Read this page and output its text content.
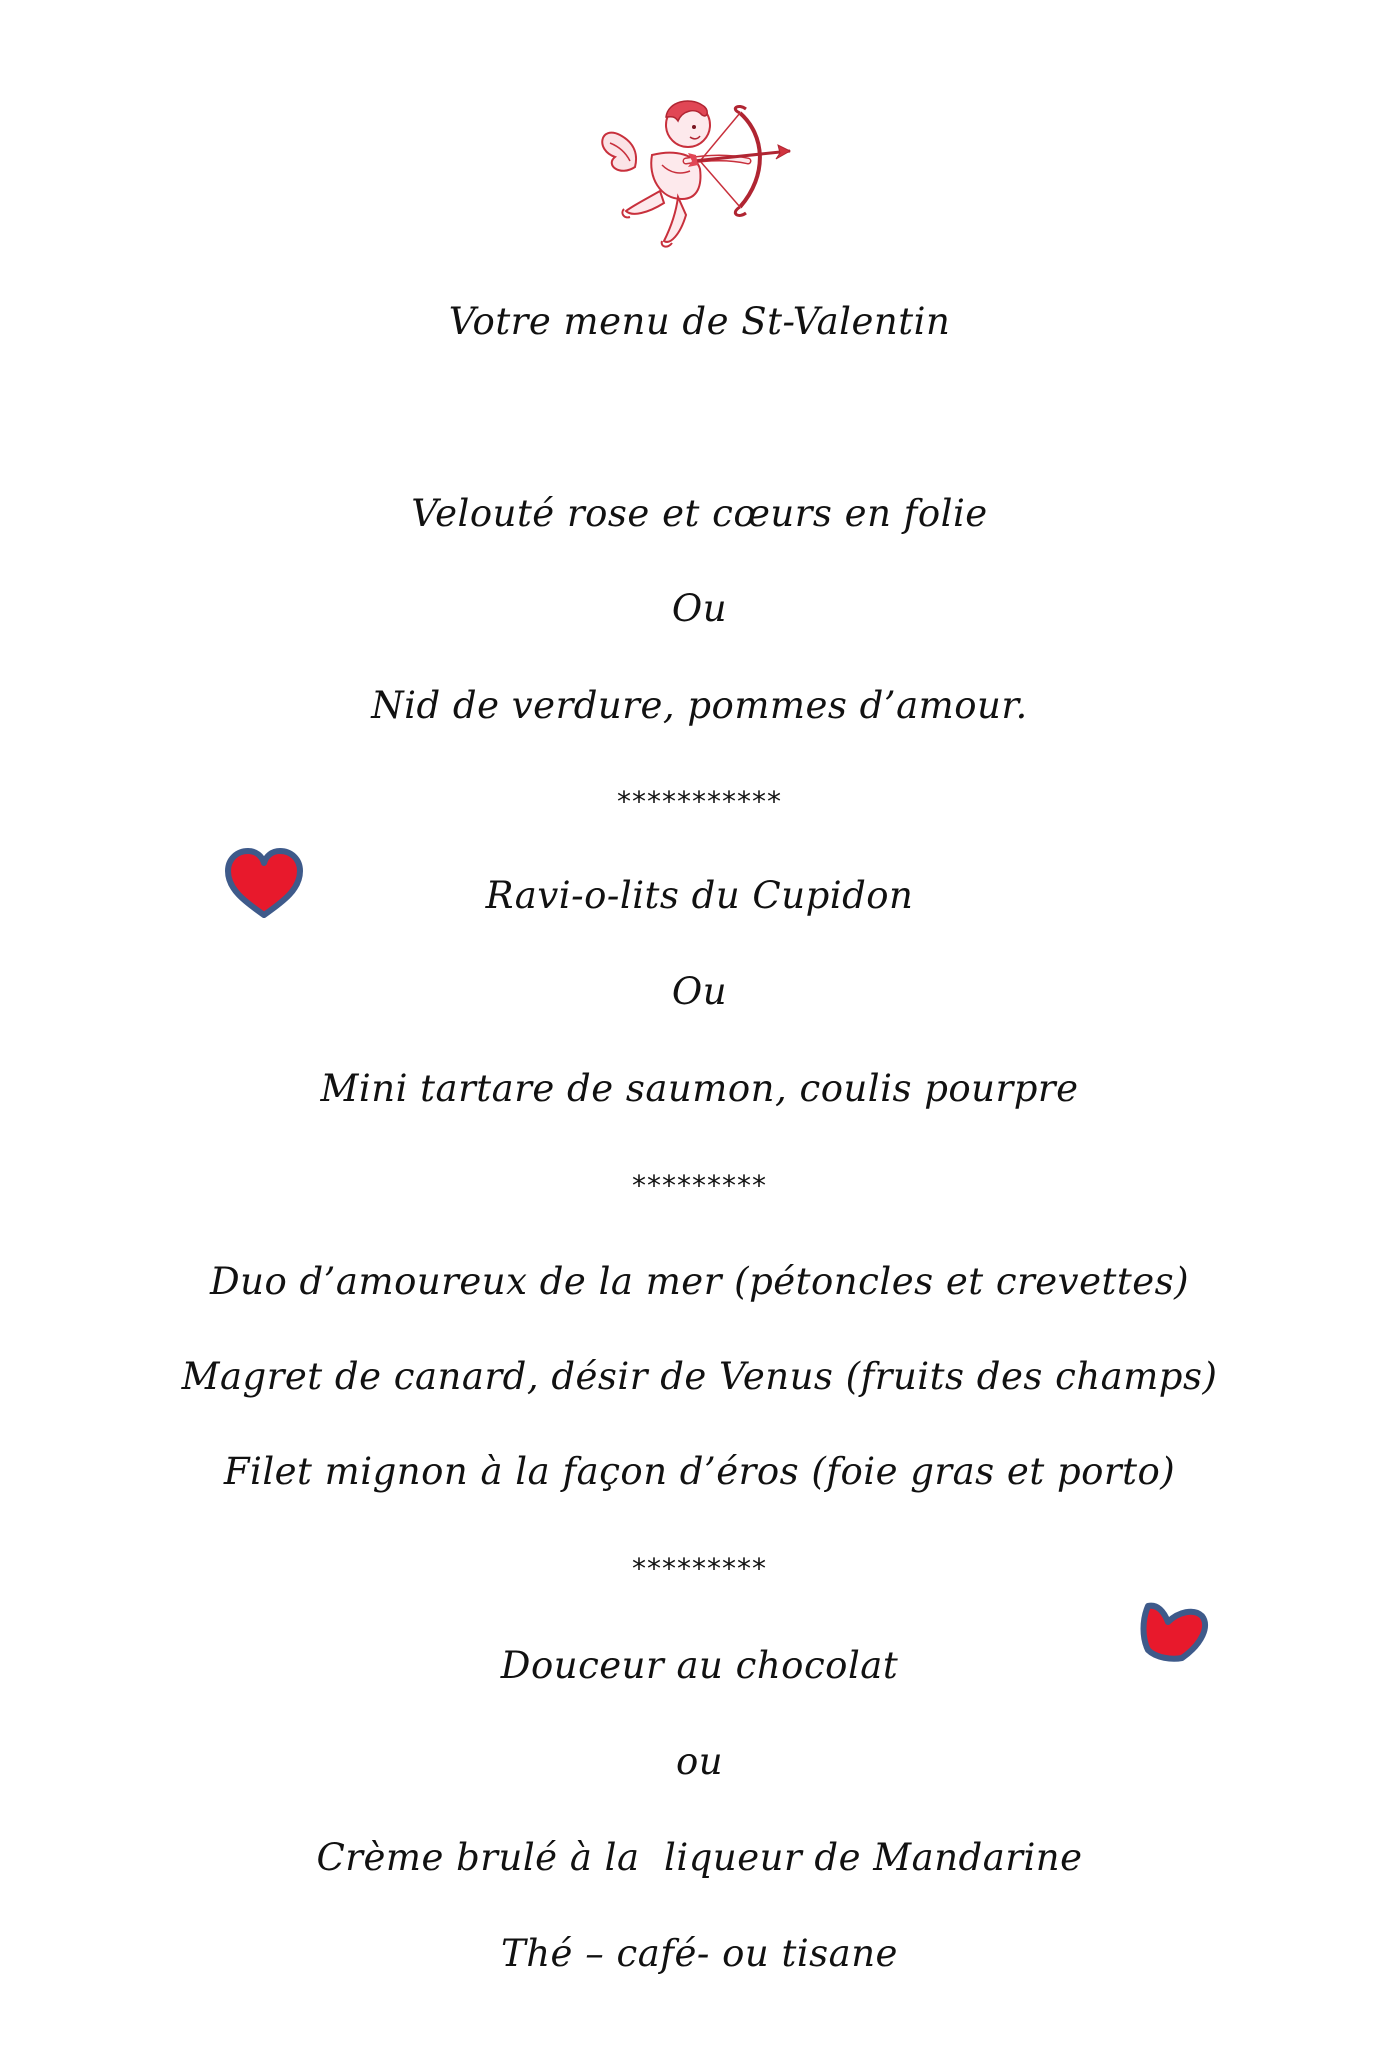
Votre menu de St-Valentin
Velouté rose et cœurs en folie
Ou
Nid de verdure, pommes d’amour.
***********
Ravi-o-lits du Cupidon
Ou
Mini tartare de saumon, coulis pourpre
*********
Duo d’amoureux de la mer (pétoncles et crevettes)
Magret de canard, désir de Venus (fruits des champs)
Filet mignon à la façon d’éros (foie gras et porto)
*********
Douceur au chocolat
ou
Crème brulé à la  liqueur de Mandarine
Thé – café- ou tisane
